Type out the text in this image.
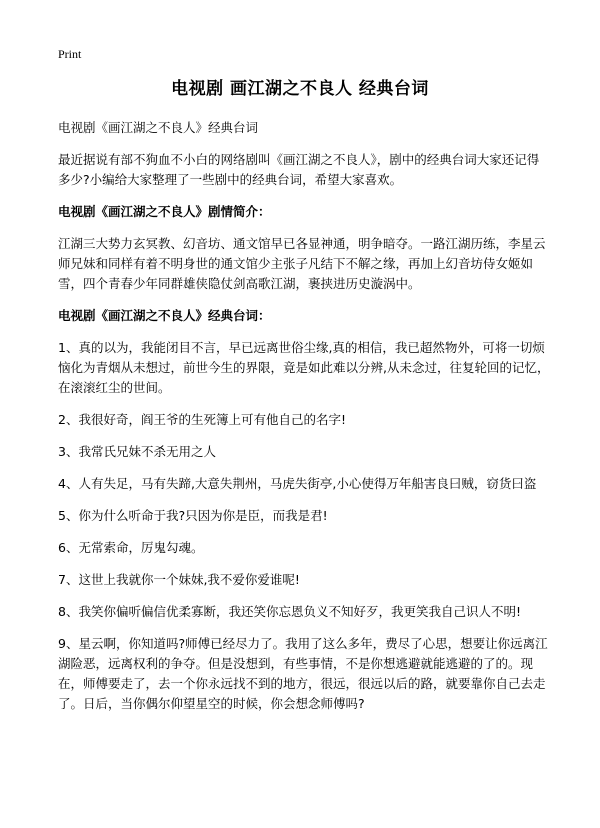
Print
电视剧 画江湖之不良人 经典台词

电视剧《画江湖之不良人》经典台词

最近据说有部不狗血不小白的网络剧叫《画江湖之不良人》，剧中的经典台词大家还记得多少?小编给大家整理了一些剧中的经典台词，希望大家喜欢。

电视剧《画江湖之不良人》剧情简介：

江湖三大势力玄冥教、幻音坊、通文馆早已各显神通，明争暗夺。一路江湖历练，李星云师兄妹和同样有着不明身世的通文馆少主张子凡结下不解之缘，再加上幻音坊侍女姬如雪，四个青春少年同群雄侠隐仗剑高歌江湖，裹挟进历史漩涡中。

电视剧《画江湖之不良人》经典台词：
1、真的以为，我能闭目不言，早已远离世俗尘缘,真的相信，我已超然物外，可将一切烦恼化为青烟从未想过，前世今生的界限，竟是如此难以分辨,从未念过，往复轮回的记忆，在滚滚红尘的世间。
2、我很好奇，阎王爷的生死簿上可有他自己的名字!
3、我常氏兄妹不杀无用之人
4、人有失足，马有失蹄,大意失荆州，马虎失街亭,小心使得万年船害良曰贼，窃货曰盗
5、你为什么听命于我?只因为你是臣，而我是君!
6、无常索命，厉鬼勾魂。
7、这世上我就你一个妹妹,我不爱你爱谁呢!
8、我笑你偏听偏信优柔寡断，我还笑你忘恩负义不知好歹，我更笑我自己识人不明!
9、星云啊，你知道吗?师傅已经尽力了。我用了这么多年，费尽了心思，想要让你远离江湖险恶，远离权利的争夺。但是没想到，有些事情，不是你想逃避就能逃避的了的。现在，师傅要走了，去一个你永远找不到的地方，很远，很远以后的路，就要靠你自己去走了。日后，当你偶尔仰望星空的时候，你会想念师傅吗?
